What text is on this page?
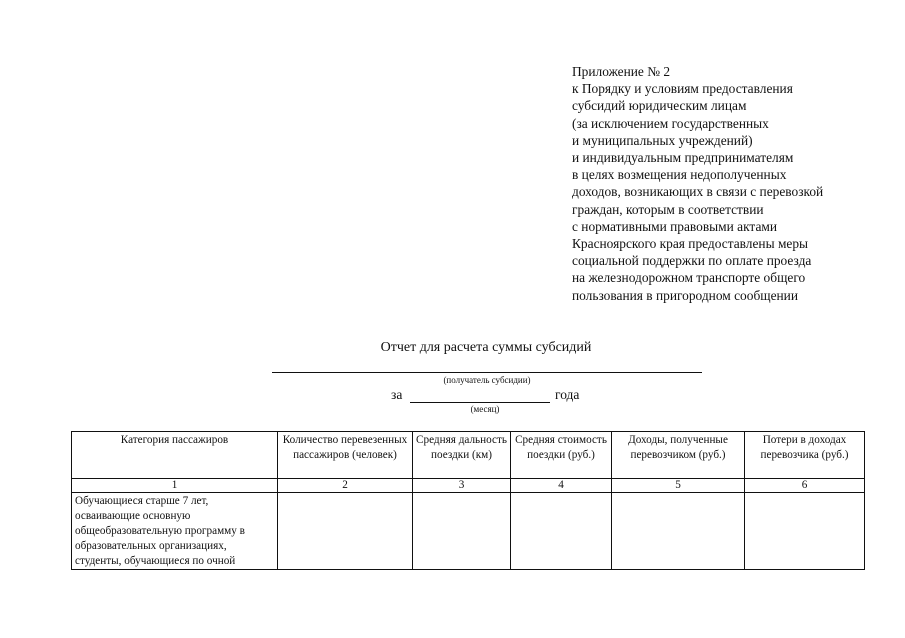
Приложение № 2
к Порядку и условиям предоставления
субсидий юридическим лицам
(за исключением государственных
и муниципальных учреждений)
и индивидуальным предпринимателям
в целях возмещения недополученных
доходов, возникающих в связи с перевозкой
граждан, которым в соответствии
с нормативными правовыми актами
Красноярского края предоставлены меры
социальной поддержки по оплате проезда
на железнодорожном транспорте общего
пользования в пригородном сообщении
Отчет для расчета суммы субсидий
(получатель субсидии)
за	года
(месяц)
Категория пассажиров	Количество перевезенных пассажиров (человек)	Средняя дальность поездки (км)	Средняя стоимость поездки (руб.)	Доходы, полученные перевозчиком (руб.)	Потери в доходах перевозчика (руб.)
1	2	3	4	5	6

Обучающиеся старше 7 лет, осваивающие основную общеобразовательную программу в образовательных организациях, студенты, обучающиеся по очной					
